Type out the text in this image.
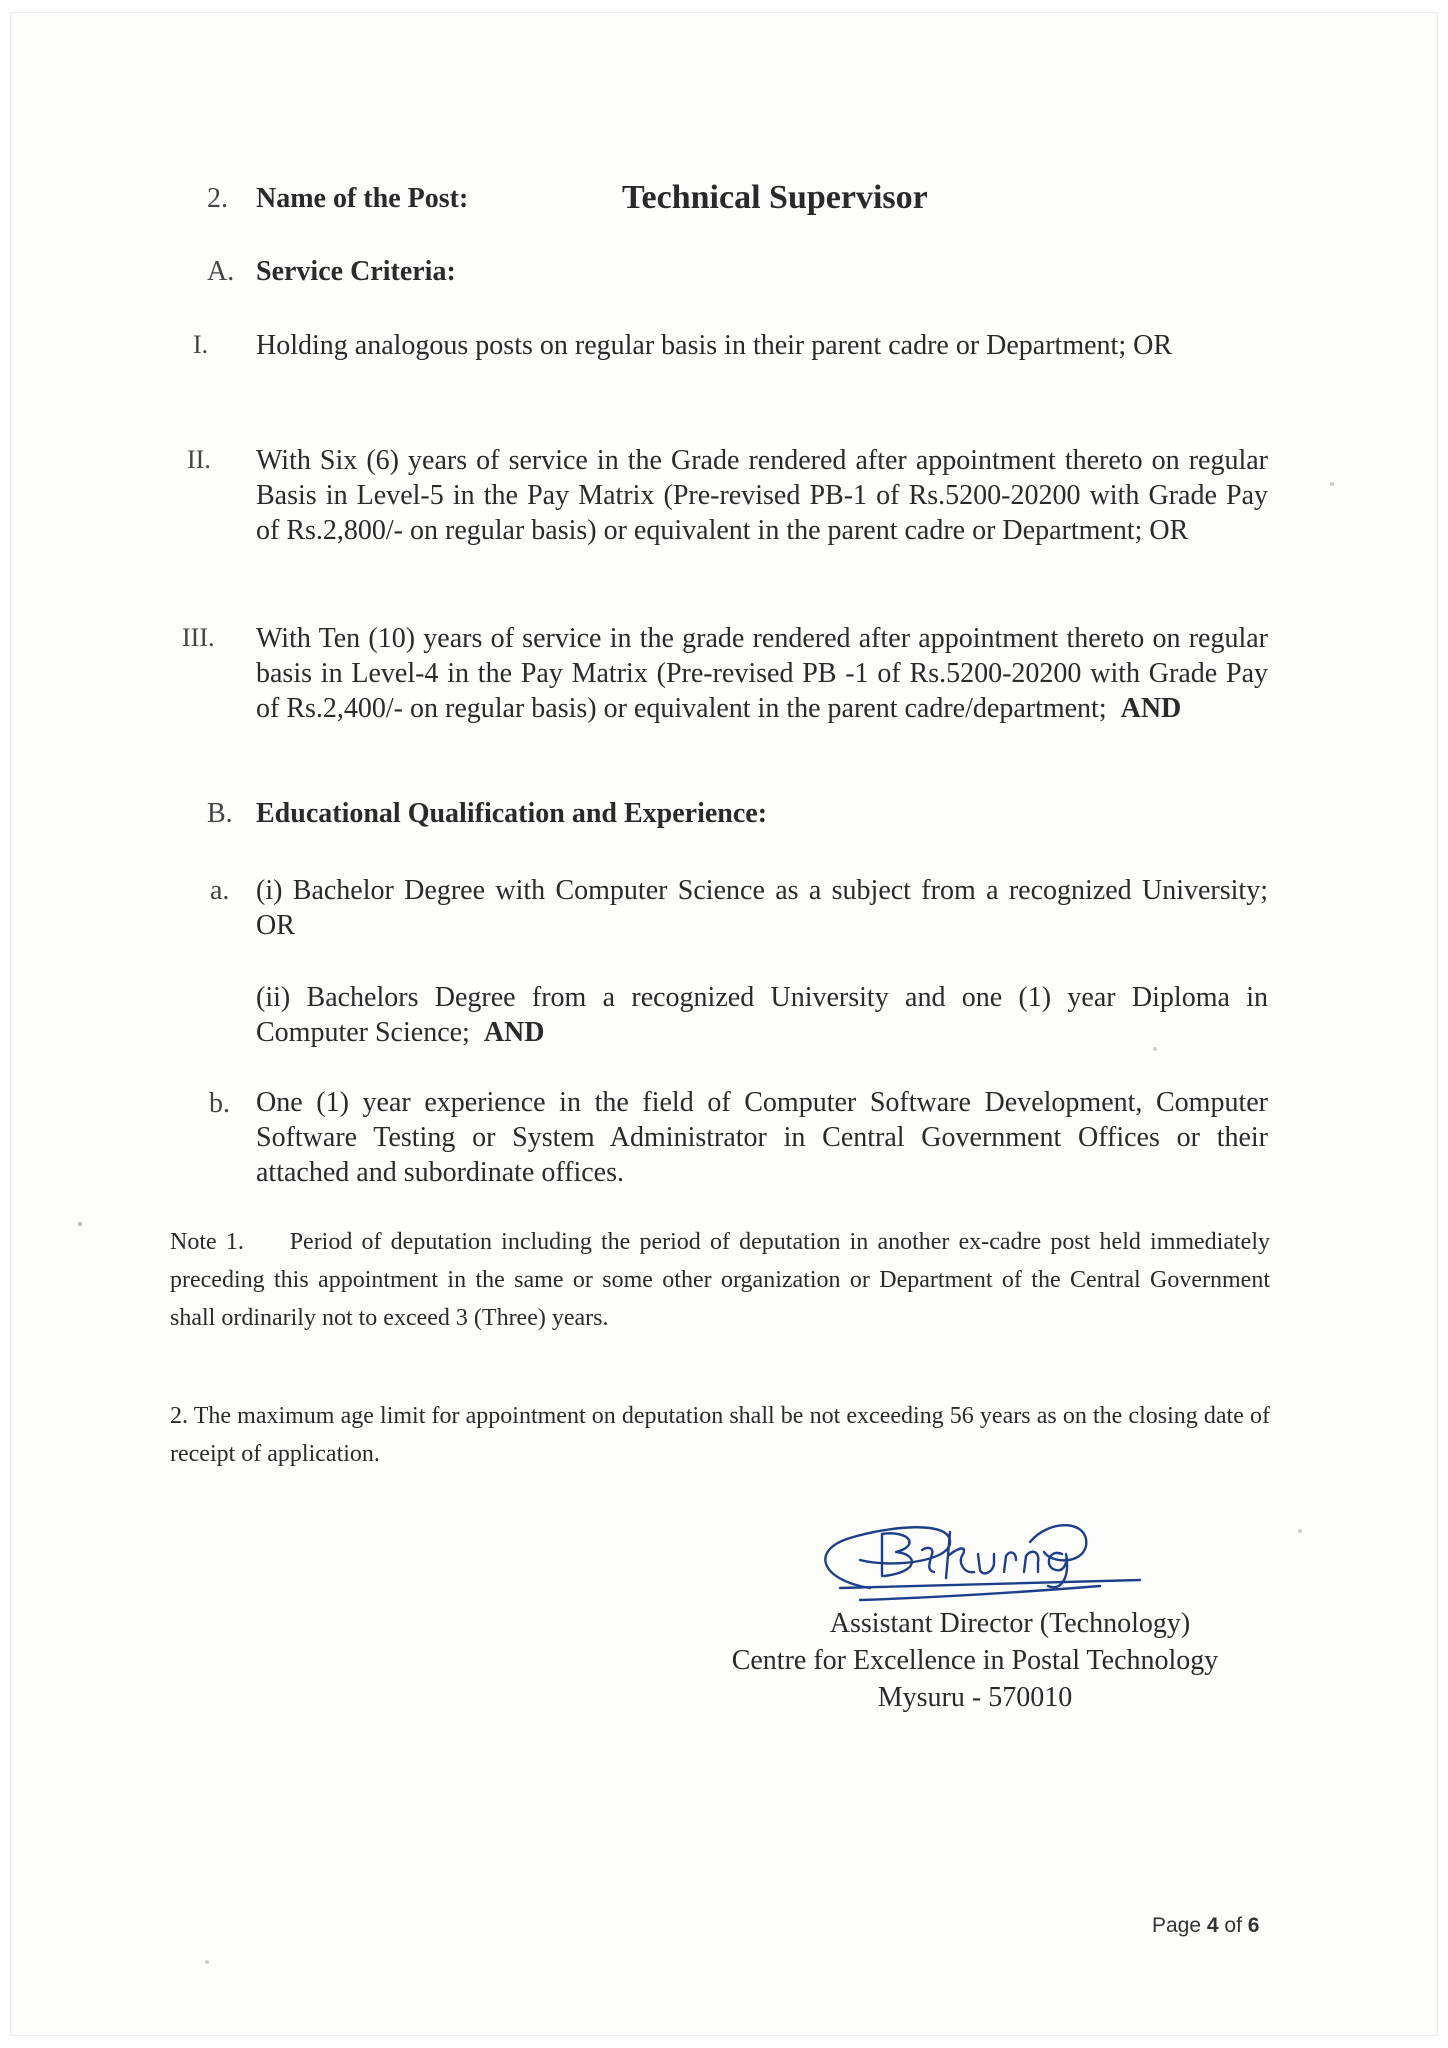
2. Name of the Post:	Technical Supervisor
A. Service Criteria:
I. Holding analogous posts on regular basis in their parent cadre or Department; OR
II. With Six (6) years of service in the Grade rendered after appointment thereto on regular Basis in Level-5 in the Pay Matrix (Pre-revised PB-1 of Rs.5200-20200 with Grade Pay of Rs.2,800/- on regular basis) or equivalent in the parent cadre or Department; OR
III. With Ten (10) years of service in the grade rendered after appointment thereto on regular basis in Level-4 in the Pay Matrix (Pre-revised PB -1 of Rs.5200-20200 with Grade Pay of Rs.2,400/- on regular basis) or equivalent in the parent cadre/department; AND
B. Educational Qualification and Experience:
a. (i) Bachelor Degree with Computer Science as a subject from a recognized University; OR
(ii) Bachelors Degree from a recognized University and one (1) year Diploma in Computer Science; AND
b. One (1) year experience in the field of Computer Software Development, Computer Software Testing or System Administrator in Central Government Offices or their attached and subordinate offices.
Note 1. Period of deputation including the period of deputation in another ex-cadre post held immediately preceding this appointment in the same or some other organization or Department of the Central Government shall ordinarily not to exceed 3 (Three) years.
2. The maximum age limit for appointment on deputation shall be not exceeding 56 years as on the closing date of receipt of application.
Assistant Director (Technology)
Centre for Excellence in Postal Technology
Mysuru - 570010
Page 4 of 6
